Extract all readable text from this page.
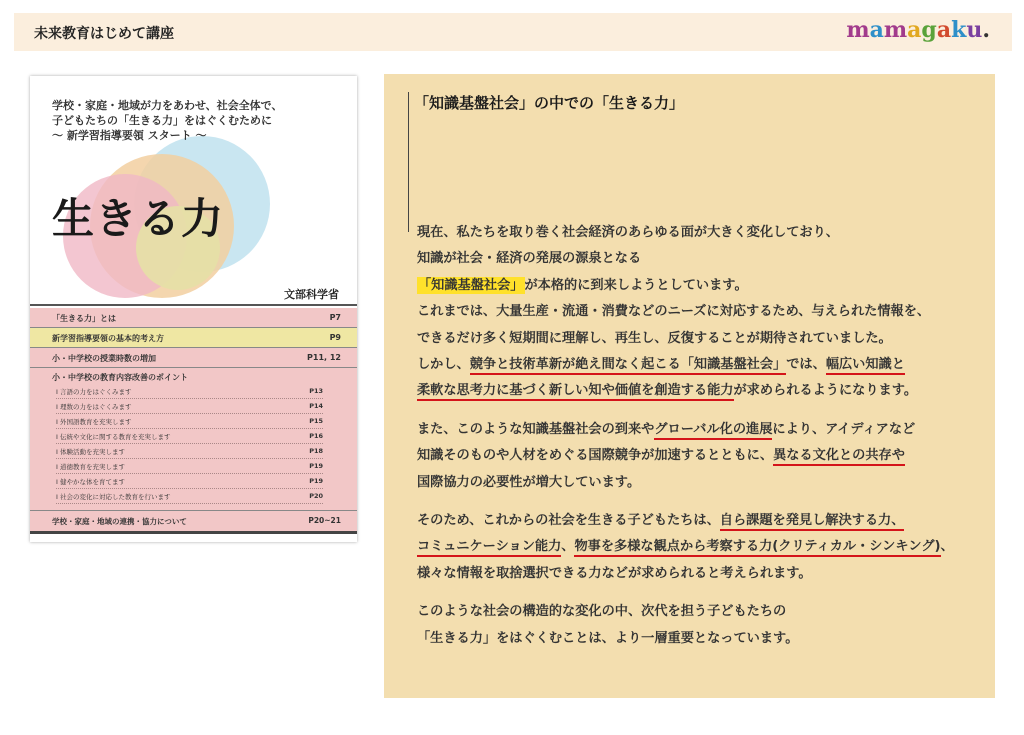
未来教育はじめて講座	mamagaku.
学校・家庭・地域が力をあわせ、社会全体で、
子どもたちの「生きる力」をはぐくむために
～ 新学習指導要領 スタート ～
生きる力
文部科学省
「生きる力」とは	P7
新学習指導要領の基本的考え方	P9
小・中学校の授業時数の増加	P11, 12
小・中学校の教育内容改善のポイント
I 言語の力をはぐくみます	P13
I 理数の力をはぐくみます	P14
I 外国語教育を充実します	P15
I 伝統や文化に関する教育を充実します	P16
I 体験活動を充実します	P18
I 道徳教育を充実します	P19
I 健やかな体を育てます	P19
I 社会の変化に対応した教育を行います	P20
学校・家庭・地域の連携・協力について	P20~21
「知識基盤社会」の中での「生きる力」

現在、私たちを取り巻く社会経済のあらゆる面が大きく変化しており、
知識が社会・経済の発展の源泉となる
「知識基盤社会」が本格的に到来しようとしています。
これまでは、大量生産・流通・消費などのニーズに対応するため、与えられた情報を、
できるだけ多く短期間に理解し、再生し、反復することが期待されていました。
しかし、競争と技術革新が絶え間なく起こる「知識基盤社会」では、幅広い知識と
柔軟な思考力に基づく新しい知や価値を創造する能力が求められるようになります。

また、このような知識基盤社会の到来やグローバル化の進展により、アイディアなど
知識そのものや人材をめぐる国際競争が加速するとともに、異なる文化との共存や
国際協力の必要性が増大しています。

そのため、これからの社会を生きる子どもたちは、自ら課題を発見し解決する力、
コミュニケーション能力、物事を多様な観点から考察する力(クリティカル・シンキング)、
様々な情報を取捨選択できる力などが求められると考えられます。

このような社会の構造的な変化の中、次代を担う子どもたちの
「生きる力」をはぐくむことは、より一層重要となっています。
